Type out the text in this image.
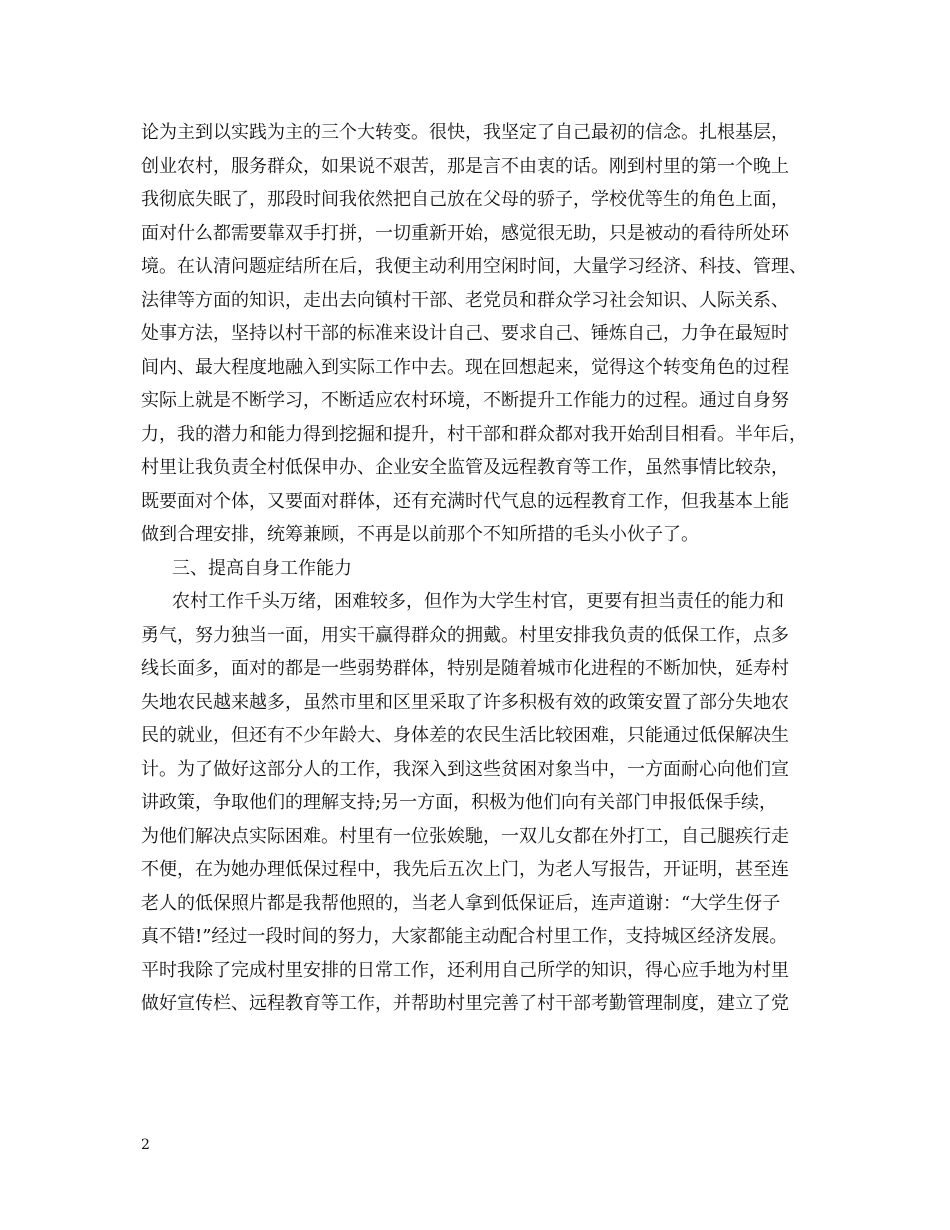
论为主到以实践为主的三个大转变。很快，我坚定了自己最初的信念。扎根基层，
创业农村，服务群众，如果说不艰苦，那是言不由衷的话。刚到村里的第一个晚上
我彻底失眠了，那段时间我依然把自己放在父母的骄子，学校优等生的角色上面，
面对什么都需要靠双手打拼，一切重新开始，感觉很无助，只是被动的看待所处环
境。在认清问题症结所在后，我便主动利用空闲时间，大量学习经济、科技、管理、
法律等方面的知识，走出去向镇村干部、老党员和群众学习社会知识、人际关系、
处事方法，坚持以村干部的标准来设计自己、要求自己、锤炼自己，力争在最短时
间内、最大程度地融入到实际工作中去。现在回想起来，觉得这个转变角色的过程
实际上就是不断学习，不断适应农村环境，不断提升工作能力的过程。通过自身努
力，我的潜力和能力得到挖掘和提升，村干部和群众都对我开始刮目相看。半年后，
村里让我负责全村低保申办、企业安全监管及远程教育等工作，虽然事情比较杂，
既要面对个体，又要面对群体，还有充满时代气息的远程教育工作，但我基本上能
做到合理安排，统筹兼顾，不再是以前那个不知所措的毛头小伙子了。
三、提高自身工作能力
农村工作千头万绪，困难较多，但作为大学生村官，更要有担当责任的能力和
勇气，努力独当一面，用实干赢得群众的拥戴。村里安排我负责的低保工作，点多
线长面多，面对的都是一些弱势群体，特别是随着城市化进程的不断加快，延寿村
失地农民越来越多，虽然市里和区里采取了许多积极有效的政策安置了部分失地农
民的就业，但还有不少年龄大、身体差的农民生活比较困难，只能通过低保解决生
计。为了做好这部分人的工作，我深入到这些贫困对象当中，一方面耐心向他们宣
讲政策，争取他们的理解支持;另一方面，积极为他们向有关部门申报低保手续，
为他们解决点实际困难。村里有一位张娭馳，一双儿女都在外打工，自己腿疾行走
不便，在为她办理低保过程中，我先后五次上门，为老人写报告，开证明，甚至连
老人的低保照片都是我帮他照的，当老人拿到低保证后，连声道谢：“大学生伢子
真不错!”经过一段时间的努力，大家都能主动配合村里工作，支持城区经济发展。
平时我除了完成村里安排的日常工作，还利用自己所学的知识，得心应手地为村里
做好宣传栏、远程教育等工作，并帮助村里完善了村干部考勤管理制度，建立了党
2
